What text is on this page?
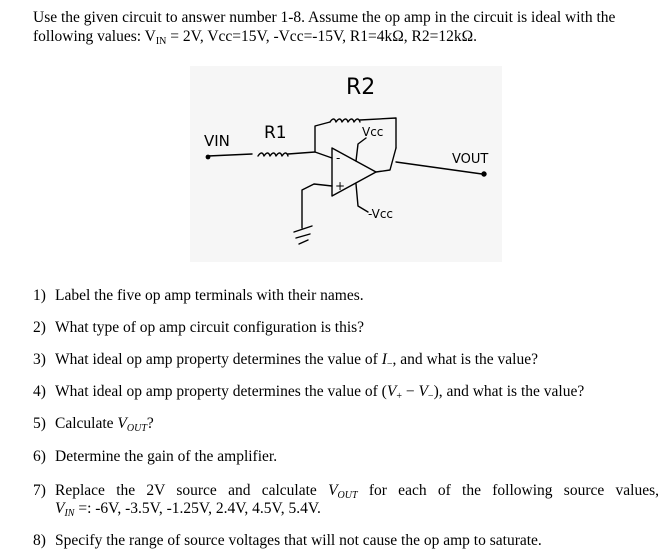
Use the given circuit to answer number 1-8. Assume the op amp in the circuit is ideal with the

following values: $V_{IN} = 2V$, Vcc=15V, -Vcc=-15V, R1=4kΩ, R2=12kΩ.

R2
R1
VIN	Vcc
-Vcc
VOUT
-
+
1) Label the five op amp terminals with their names.
2) What type of op amp circuit configuration is this?
3) What ideal op amp property determines the value of $I_-$, and what is the value?
4) What ideal op amp property determines the value of $(V_+ - V_-)$, and what is the value?
5) Calculate $V_{OUT}$?
6) Determine the gain of the amplifier.
7) Replace the 2V source and calculate $V_{OUT}$ for each of the following source values,
$V_{IN}$ =: -6V, -3.5V, -1.25V, 2.4V, 4.5V, 5.4V.
8) Specify the range of source voltages that will not cause the op amp to saturate.
